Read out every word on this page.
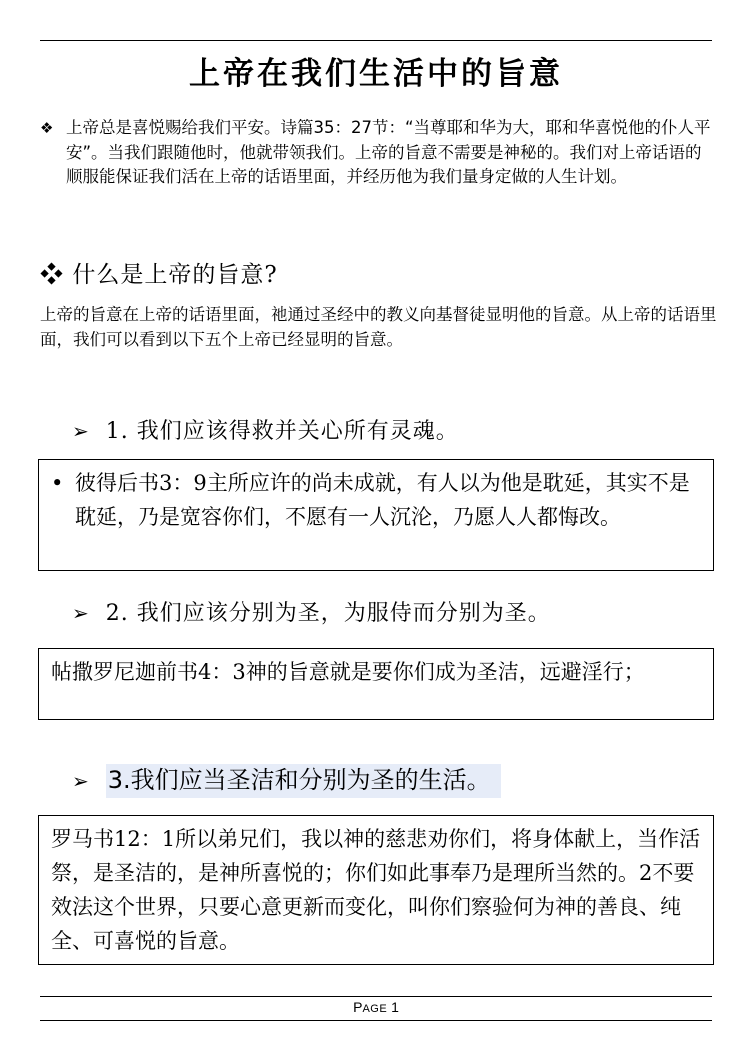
上帝在我们生活中的旨意
❖ 上帝总是喜悦赐给我们平安。诗篇35：27节：“当尊耶和华为大，耶和华喜悦他的仆人平安”。当我们跟随他时，他就带领我们。上帝的旨意不需要是神秘的。我们对上帝话语的顺服能保证我们活在上帝的话语里面，并经历他为我们量身定做的人生计划。
❖ 什么是上帝的旨意?
上帝的旨意在上帝的话语里面，祂通过圣经中的教义向基督徒显明他的旨意。从上帝的话语里面，我们可以看到以下五个上帝已经显明的旨意。
➢ 1. 我们应该得救并关心所有灵魂。
• 彼得后书3：9主所应许的尚未成就，有人以为他是耽延，其实不是耽延，乃是宽容你们，不愿有一人沉沦，乃愿人人都悔改。
➢ 2. 我们应该分别为圣，为服侍而分别为圣。
帖撒罗尼迦前书4：3神的旨意就是要你们成为圣洁，远避淫行；
➢ 3.我们应当圣洁和分别为圣的生活。
罗马书12：1所以弟兄们，我以神的慈悲劝你们，将身体献上，当作活祭，是圣洁的，是神所喜悦的；你们如此事奉乃是理所当然的。2不要效法这个世界，只要心意更新而变化，叫你们察验何为神的善良、纯全、可喜悦的旨意。
PAGE 1
